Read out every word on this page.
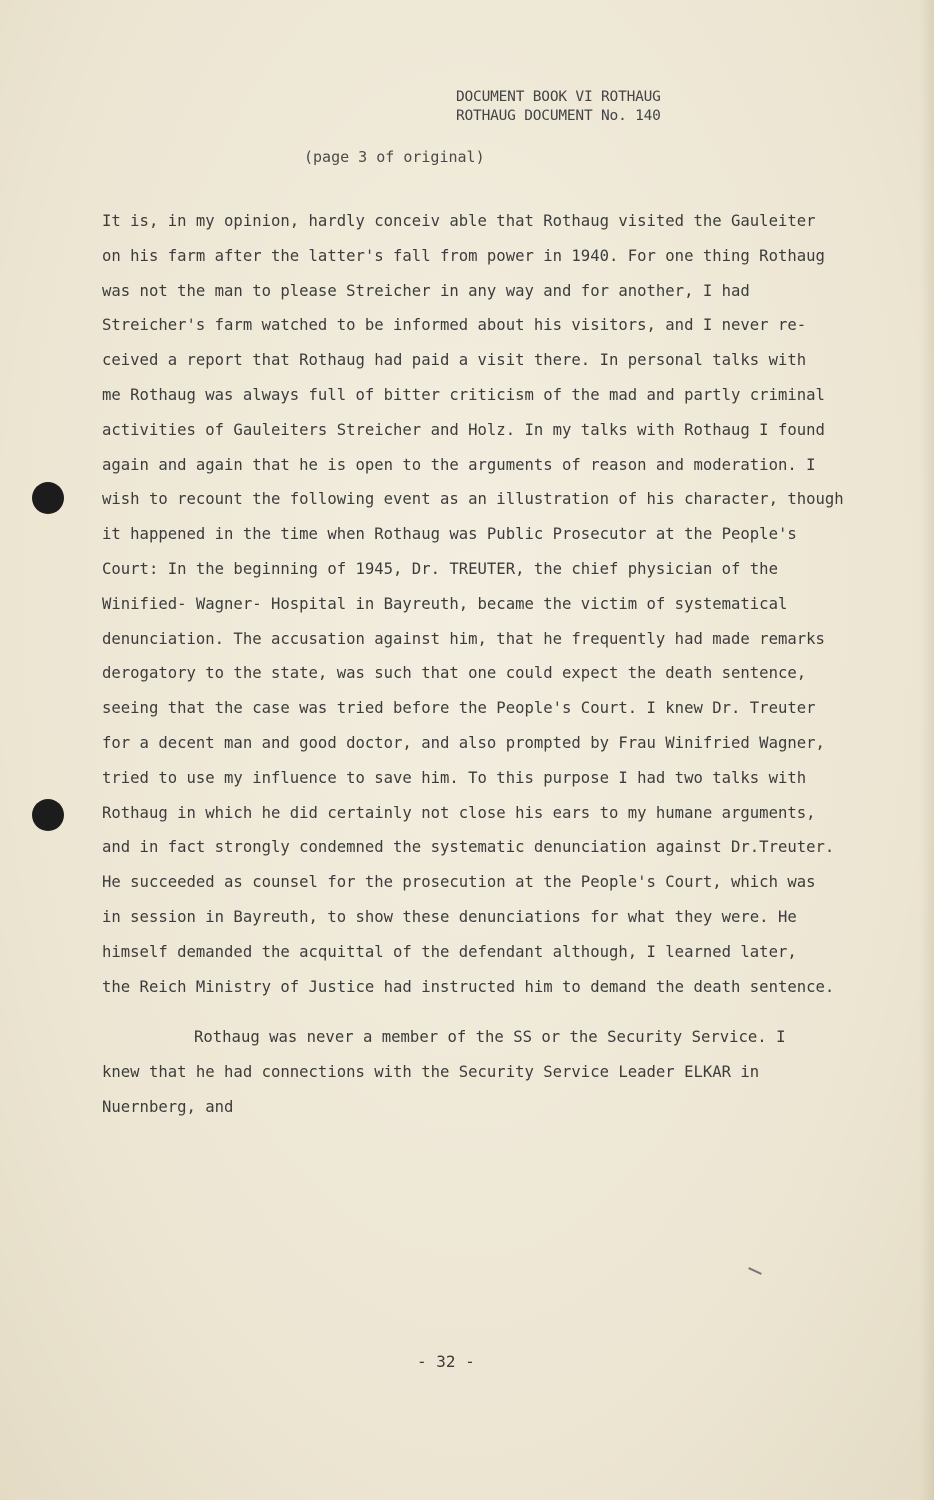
DOCUMENT BOOK VI ROTHAUG
ROTHAUG DOCUMENT No. 140
(page 3 of original)
It is, in my opinion, hardly conceiv able that Rothaug visited the Gauleiter
on his farm after the latter's fall from power in 1940. For one thing Rothaug
was not the man to please Streicher in any way and for another, I had
Streicher's farm watched to be informed about his visitors, and I never re-
ceived a report that Rothaug had paid a visit there. In personal talks with
me Rothaug was always full of bitter criticism of the mad and partly criminal
activities of Gauleiters Streicher and Holz. In my talks with Rothaug I found
again and again that he is open to the arguments of reason and moderation. I
wish to recount the following event as an illustration of his character, though
it happened in the time when Rothaug was Public Prosecutor at the People's
Court: In the beginning of 1945, Dr. TREUTER, the chief physician of the
Winified- Wagner- Hospital in Bayreuth, became the victim of systematical
denunciation. The accusation against him, that he frequently had made remarks
derogatory to the state, was such that one could expect the death sentence,
seeing that the case was tried before the People's Court. I knew Dr. Treuter
for a decent man and good doctor, and also prompted by Frau Winifried Wagner,
tried to use my influence to save him. To this purpose I had two talks with
Rothaug in which he did certainly not close his ears to my humane arguments,
and in fact strongly condemned the systematic denunciation against Dr.Treuter.
He succeeded as counsel for the prosecution at the People's Court, which was
in session in Bayreuth, to show these denunciations for what they were. He
himself demanded the acquittal of the defendant although, I learned later,
the Reich Ministry of Justice had instructed him to demand the death sentence.
Rothaug was never a member of the SS or the Security Service. I
knew that he had connections with the Security Service Leader ELKAR in
Nuernberg, and
- 32 -
